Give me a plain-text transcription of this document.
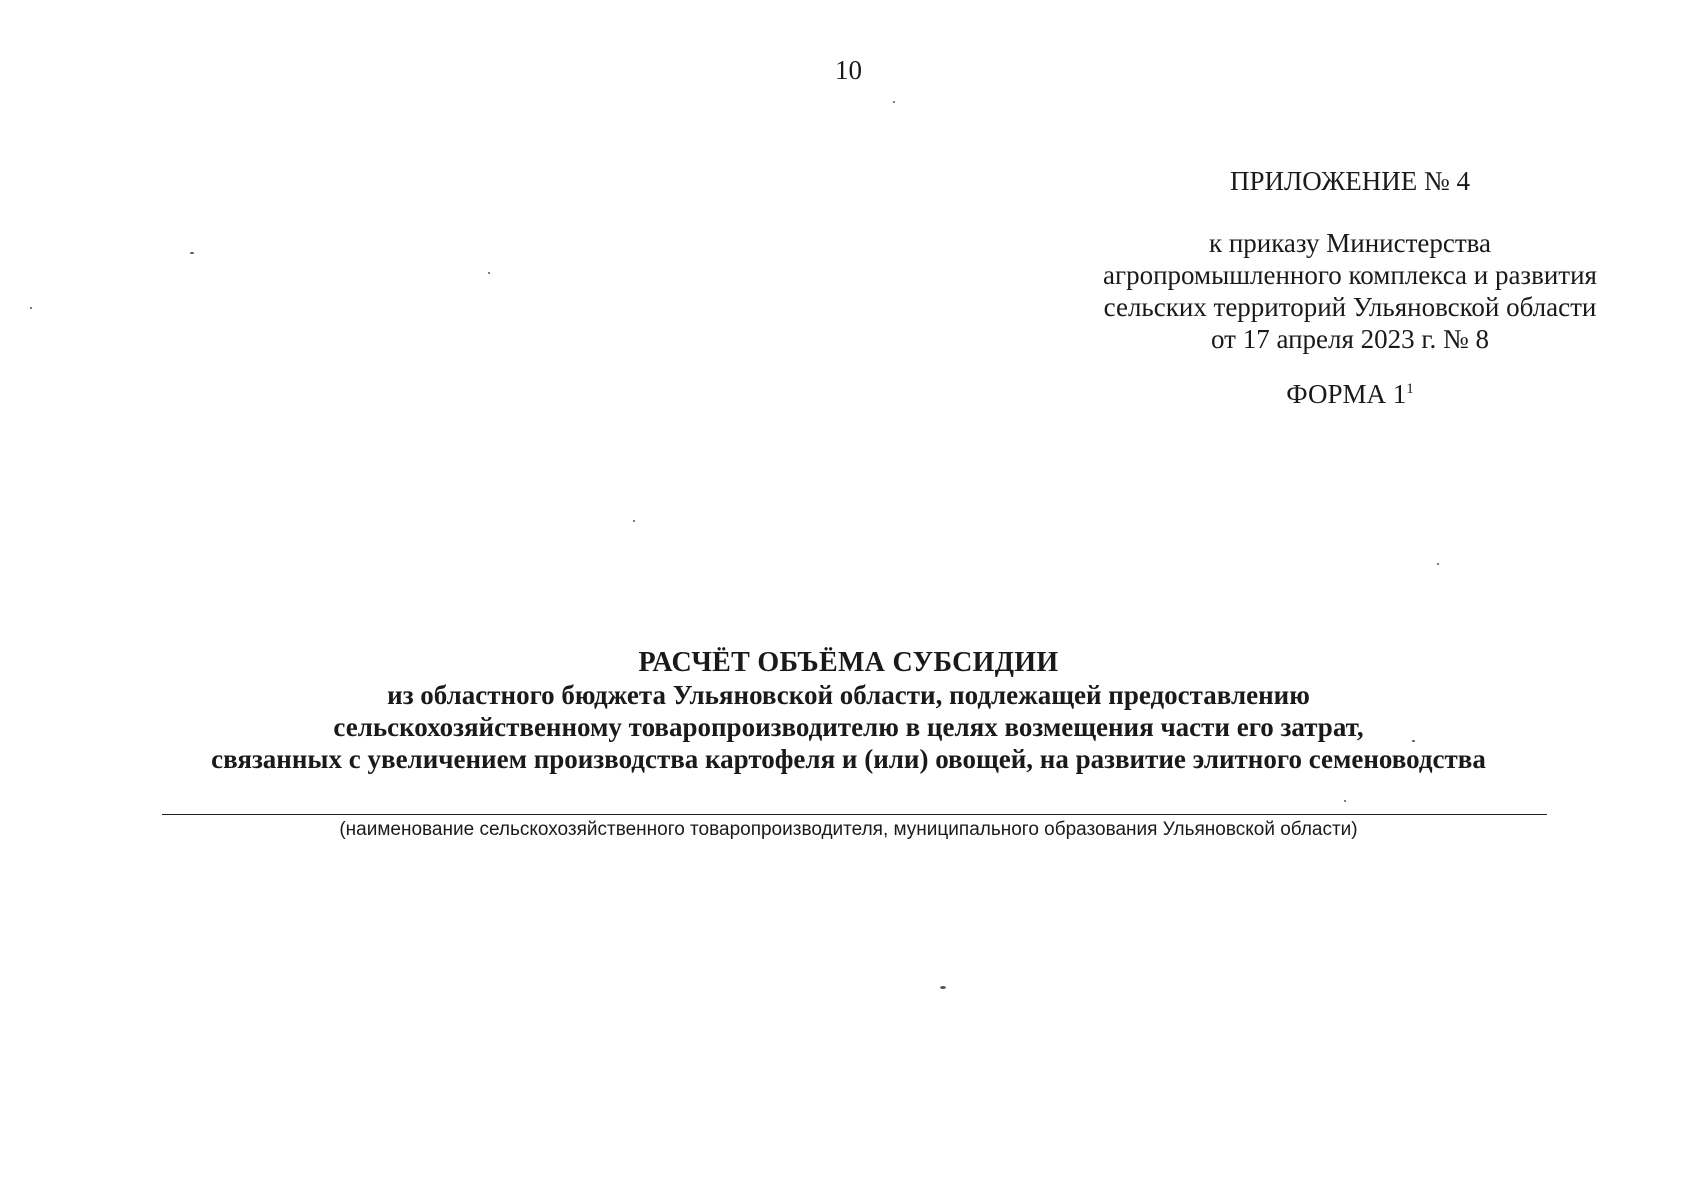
10
ПРИЛОЖЕНИЕ № 4
к приказу Министерства
агропромышленного комплекса и развития
сельских территорий Ульяновской области
от 17 апреля 2023 г. № 8
ФОРМА $1^1$
РАСЧЁТ ОБЪЁМА СУБСИДИИ
из областного бюджета Ульяновской области, подлежащей предоставлению
сельскохозяйственному товаропроизводителю в целях возмещения части его затрат,
связанных с увеличением производства картофеля и (или) овощей, на развитие элитного семеноводства
(наименование сельскохозяйственного товаропроизводителя, муниципального образования Ульяновской области)
